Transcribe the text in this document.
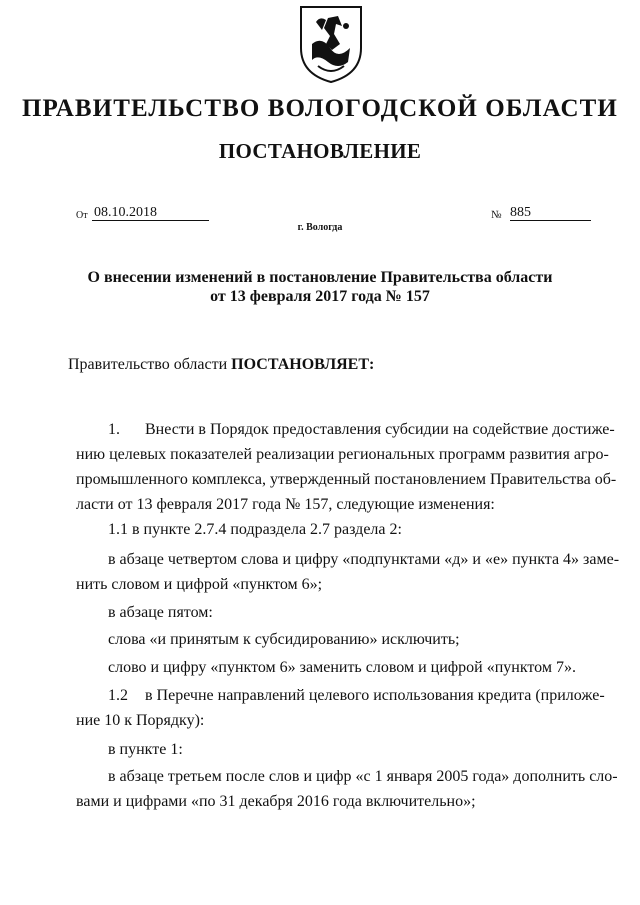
ПРАВИТЕЛЬСТВО ВОЛОГОДСКОЙ ОБЛАСТИ
ПОСТАНОВЛЕНИЕ
От 08.10.2018	№ 885
г. Вологда
О внесении изменений в постановление Правительства области
от 13 февраля 2017 года № 157
Правительство области ПОСТАНОВЛЯЕТ:
1. Внести в Порядок предоставления субсидии на содействие достиже-
нию целевых показателей реализации региональных программ развития агро-
промышленного комплекса, утвержденный постановлением Правительства об-
ласти от 13 февраля 2017 года № 157, следующие изменения:
1.1 в пункте 2.7.4 подраздела 2.7 раздела 2:
в абзаце четвертом слова и цифру «подпунктами «д» и «е» пункта 4» заме-
нить словом и цифрой «пунктом 6»;
в абзаце пятом:
слова «и принятым к субсидированию» исключить;
слово и цифру «пунктом 6» заменить словом и цифрой «пунктом 7».
1.2 в Перечне направлений целевого использования кредита (приложе-
ние 10 к Порядку):
в пункте 1:
в абзаце третьем после слов и цифр «с 1 января 2005 года» дополнить сло-
вами и цифрами «по 31 декабря 2016 года включительно»;
